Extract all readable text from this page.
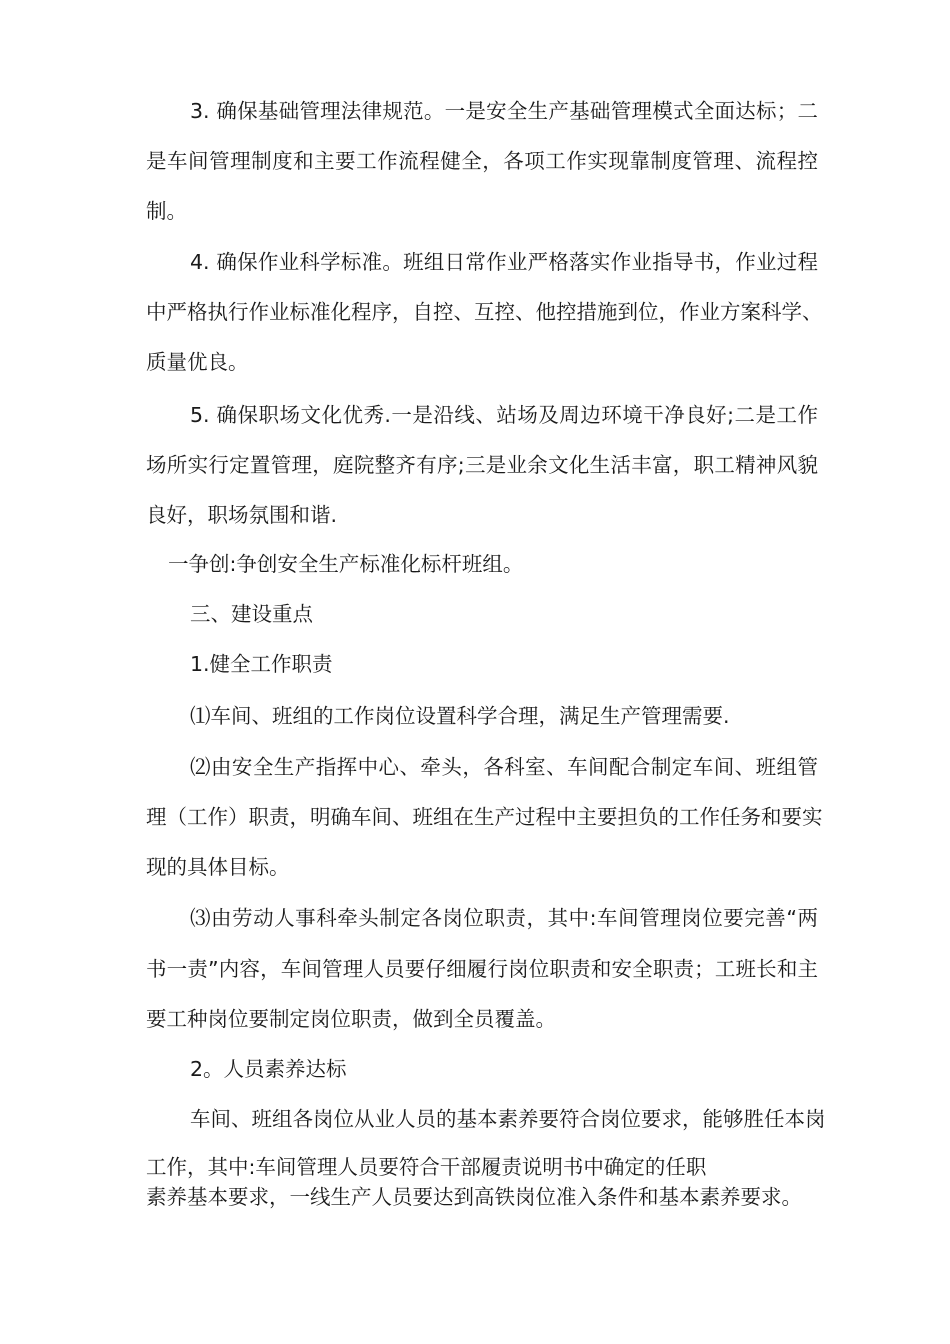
3. 确保基础管理法律规范。一是安全生产基础管理模式全面达标；二
是车间管理制度和主要工作流程健全，各项工作实现靠制度管理、流程控
制。
4. 确保作业科学标准。班组日常作业严格落实作业指导书，作业过程
中严格执行作业标准化程序，自控、互控、他控措施到位，作业方案科学、
质量优良。
5. 确保职场文化优秀.一是沿线、站场及周边环境干净良好;二是工作
场所实行定置管理，庭院整齐有序;三是业余文化生活丰富，职工精神风貌
良好，职场氛围和谐.
一争创:争创安全生产标准化标杆班组。
三、建设重点
1.健全工作职责
⑴车间、班组的工作岗位设置科学合理，满足生产管理需要.
⑵由安全生产指挥中心、牵头，各科室、车间配合制定车间、班组管
理（工作）职责，明确车间、班组在生产过程中主要担负的工作任务和要实
现的具体目标。
⑶由劳动人事科牵头制定各岗位职责，其中:车间管理岗位要完善“两
书一责”内容，车间管理人员要仔细履行岗位职责和安全职责；工班长和主
要工种岗位要制定岗位职责，做到全员覆盖。
2。人员素养达标
车间、班组各岗位从业人员的基本素养要符合岗位要求，能够胜任本岗
工作，其中:车间管理人员要符合干部履责说明书中确定的任职
素养基本要求，一线生产人员要达到高铁岗位准入条件和基本素养要求。
